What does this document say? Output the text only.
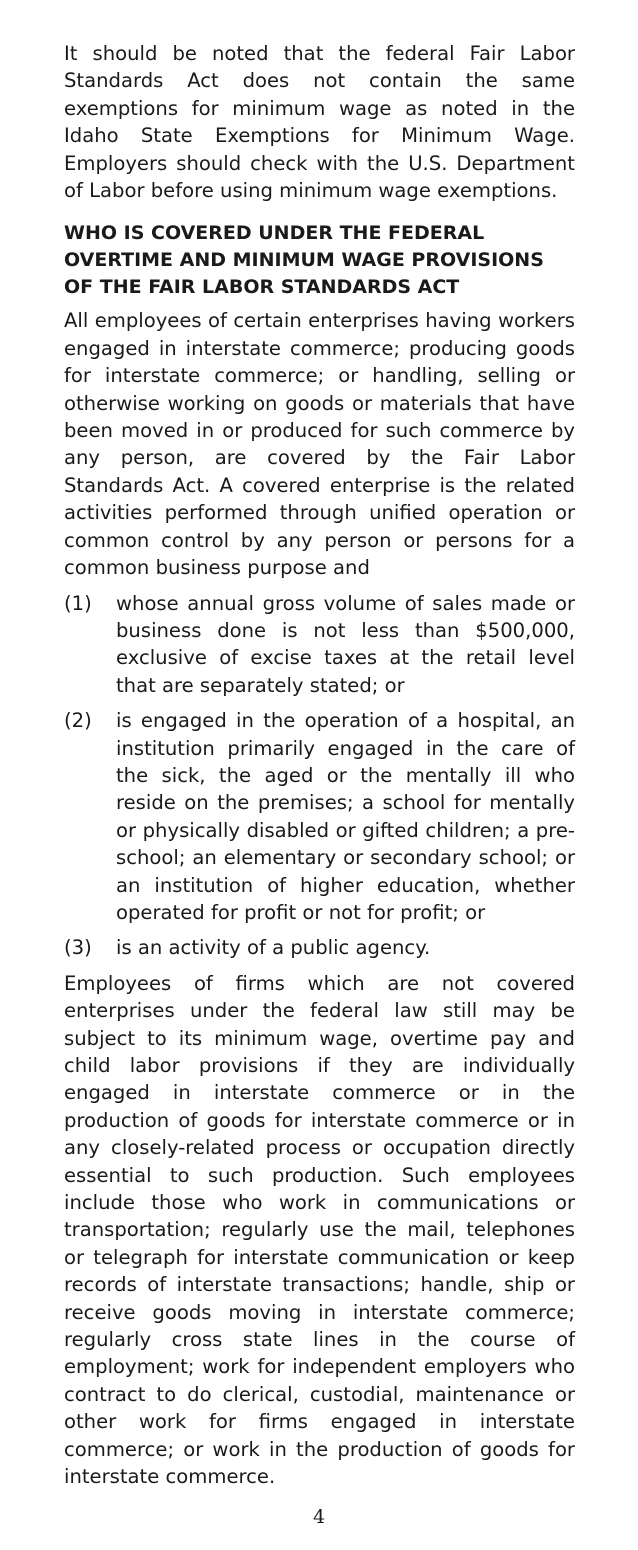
It should be noted that the federal Fair Labor Standards Act does not contain the same exemptions for minimum wage as noted in the Idaho State Exemptions for Minimum Wage. Employers should check with the U.S. Department of Labor before using minimum wage exemptions.

WHO IS COVERED UNDER THE FEDERAL
OVERTIME AND MINIMUM WAGE PROVISIONS
OF THE FAIR LABOR STANDARDS ACT

All employees of certain enterprises having workers engaged in interstate commerce; producing goods for interstate commerce; or handling, selling or otherwise working on goods or materials that have been moved in or produced for such commerce by any person, are covered by the Fair Labor Standards Act. A covered enterprise is the related activities performed through unified operation or common control by any person or persons for a common business purpose and

(1)	whose annual gross volume of sales made or business done is not less than $500,000, exclusive of excise taxes at the retail level that are separately stated; or
(2)	is engaged in the operation of a hospital, an institution primarily engaged in the care of the sick, the aged or the mentally ill who reside on the premises; a school for mentally or physically disabled or gifted children; a pre-school; an elementary or secondary school; or an institution of higher education, whether operated for profit or not for profit; or
(3)	is an activity of a public agency.

Employees of firms which are not covered enterprises under the federal law still may be subject to its minimum wage, overtime pay and child labor provisions if they are individually engaged in interstate commerce or in the production of goods for interstate commerce or in any closely-related process or occupation directly essential to such production. Such employees include those who work in communications or transportation; regularly use the mail, telephones or telegraph for interstate communication or keep records of interstate transactions; handle, ship or receive goods moving in interstate commerce; regularly cross state lines in the course of employment; work for independent employers who contract to do clerical, custodial, maintenance or other work for firms engaged in interstate commerce; or work in the production of goods for interstate commerce.

4
